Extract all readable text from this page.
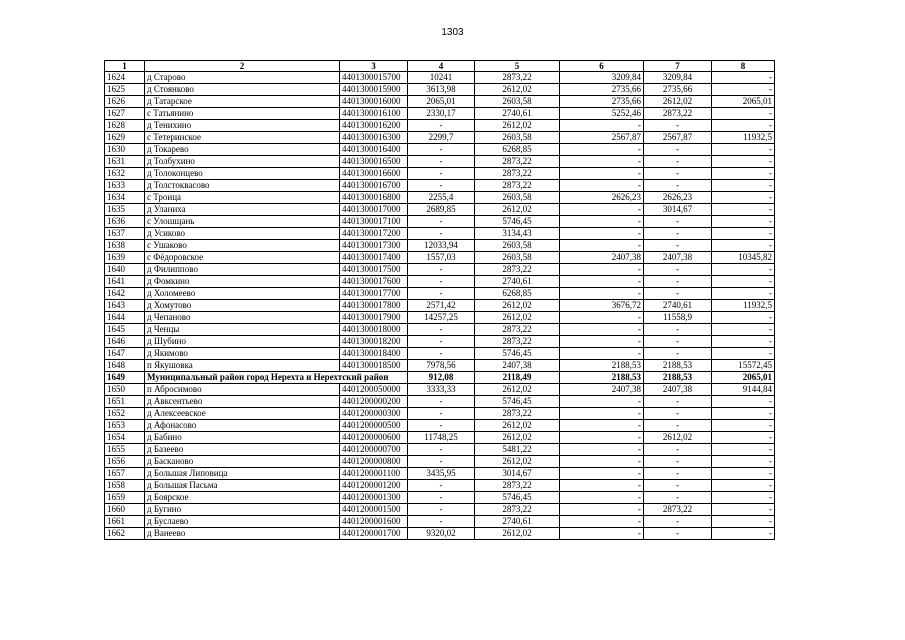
1303
1	2	3	4	5	6	7	8
1624	д Старово	4401300015700	10241	2873,22	3209,84	3209,84	-
1625	д Стоянково	4401300015900	3613,98	2612,02	2735,66	2735,66	-
1626	д Татарское	4401300016000	2065,01	2603,58	2735,66	2612,02	2065,01
1627	с Татьянино	4401300016100	2330,17	2740,61	5252,46	2873,22	-
1628	д Тенихино	4401300016200	-	2612,02	-	-	-
1629	с Тетеринское	4401300016300	2299,7	2603,58	2567,87	2567,87	11932,5
1630	д Токарево	4401300016400	-	6268,85	-	-	-
1631	д Толбухино	4401300016500	-	2873,22	-	-	-
1632	д Толоконцево	4401300016600	-	2873,22	-	-	-
1633	д Толстоквасово	4401300016700	-	2873,22	-	-	-
1634	с Троица	4401300016800	2255,4	2603,58	2626,23	2626,23	-
1635	д Уланиха	4401300017000	2689,85	2612,02	-	3014,67	-
1636	с Улошщань	4401300017100	-	5746,45	-	-	-
1637	д Усиково	4401300017200	-	3134,43	-	-	-
1638	с Ушаково	4401300017300	12033,94	2603,58	-	-	-
1639	с Фёдоровское	4401300017400	1557,03	2603,58	2407,38	2407,38	10345,82
1640	д Филипповo	4401300017500	-	2873,22	-	-	-
1641	д Фомкино	4401300017600	-	2740,61	-	-	-
1642	д Холомеево	4401300017700	-	6268,85	-	-	-
1643	д Хомутово	4401300017800	2571,42	2612,02	3676,72	2740,61	11932,5
1644	д Чепаново	4401300017900	14257,25	2612,02	-	11558,9	-
1645	д Ченцы	4401300018000	-	2873,22	-	-	-
1646	д Шубино	4401300018200	-	2873,22	-	-	-
1647	д Якимово	4401300018400	-	5746,45	-	-	-
1648	п Якушовка	4401300018500	7978,56	2407,38	2188,53	2188,53	15572,45
1649	Муниципальный район город Нерехта и Нерехтский район		912,08	2118,49	2188,53	2188,53	2065,01
1650	п Абросимово	4401200050000	3333,33	2612,02	2407,38	2407,38	9144,84
1651	д Авксентьево	4401200000200	-	5746,45	-	-	-
1652	д Алексеевское	4401200000300	-	2873,22	-	-	-
1653	д Афонасово	4401200000500	-	2612,02	-	-	-
1654	д Бабино	4401200000600	11748,25	2612,02	-	2612,02	-
1655	д Базеево	4401200000700	-	5481,22	-	-	-
1656	д Басканово	4401200000800	-	2612,02	-	-	-
1657	д Большая Липовица	4401200001100	3435,95	3014,67	-	-	-
1658	д Большая Пасьма	4401200001200	-	2873,22	-	-	-
1659	д Боярское	4401200001300	-	5746,45	-	-	-
1660	д Бугино	4401200001500	-	2873,22	-	2873,22	-
1661	д Буслаево	4401200001600	-	2740,61	-	-	-
1662	д Ванеево	4401200001700	9320,02	2612,02	-	-	-
